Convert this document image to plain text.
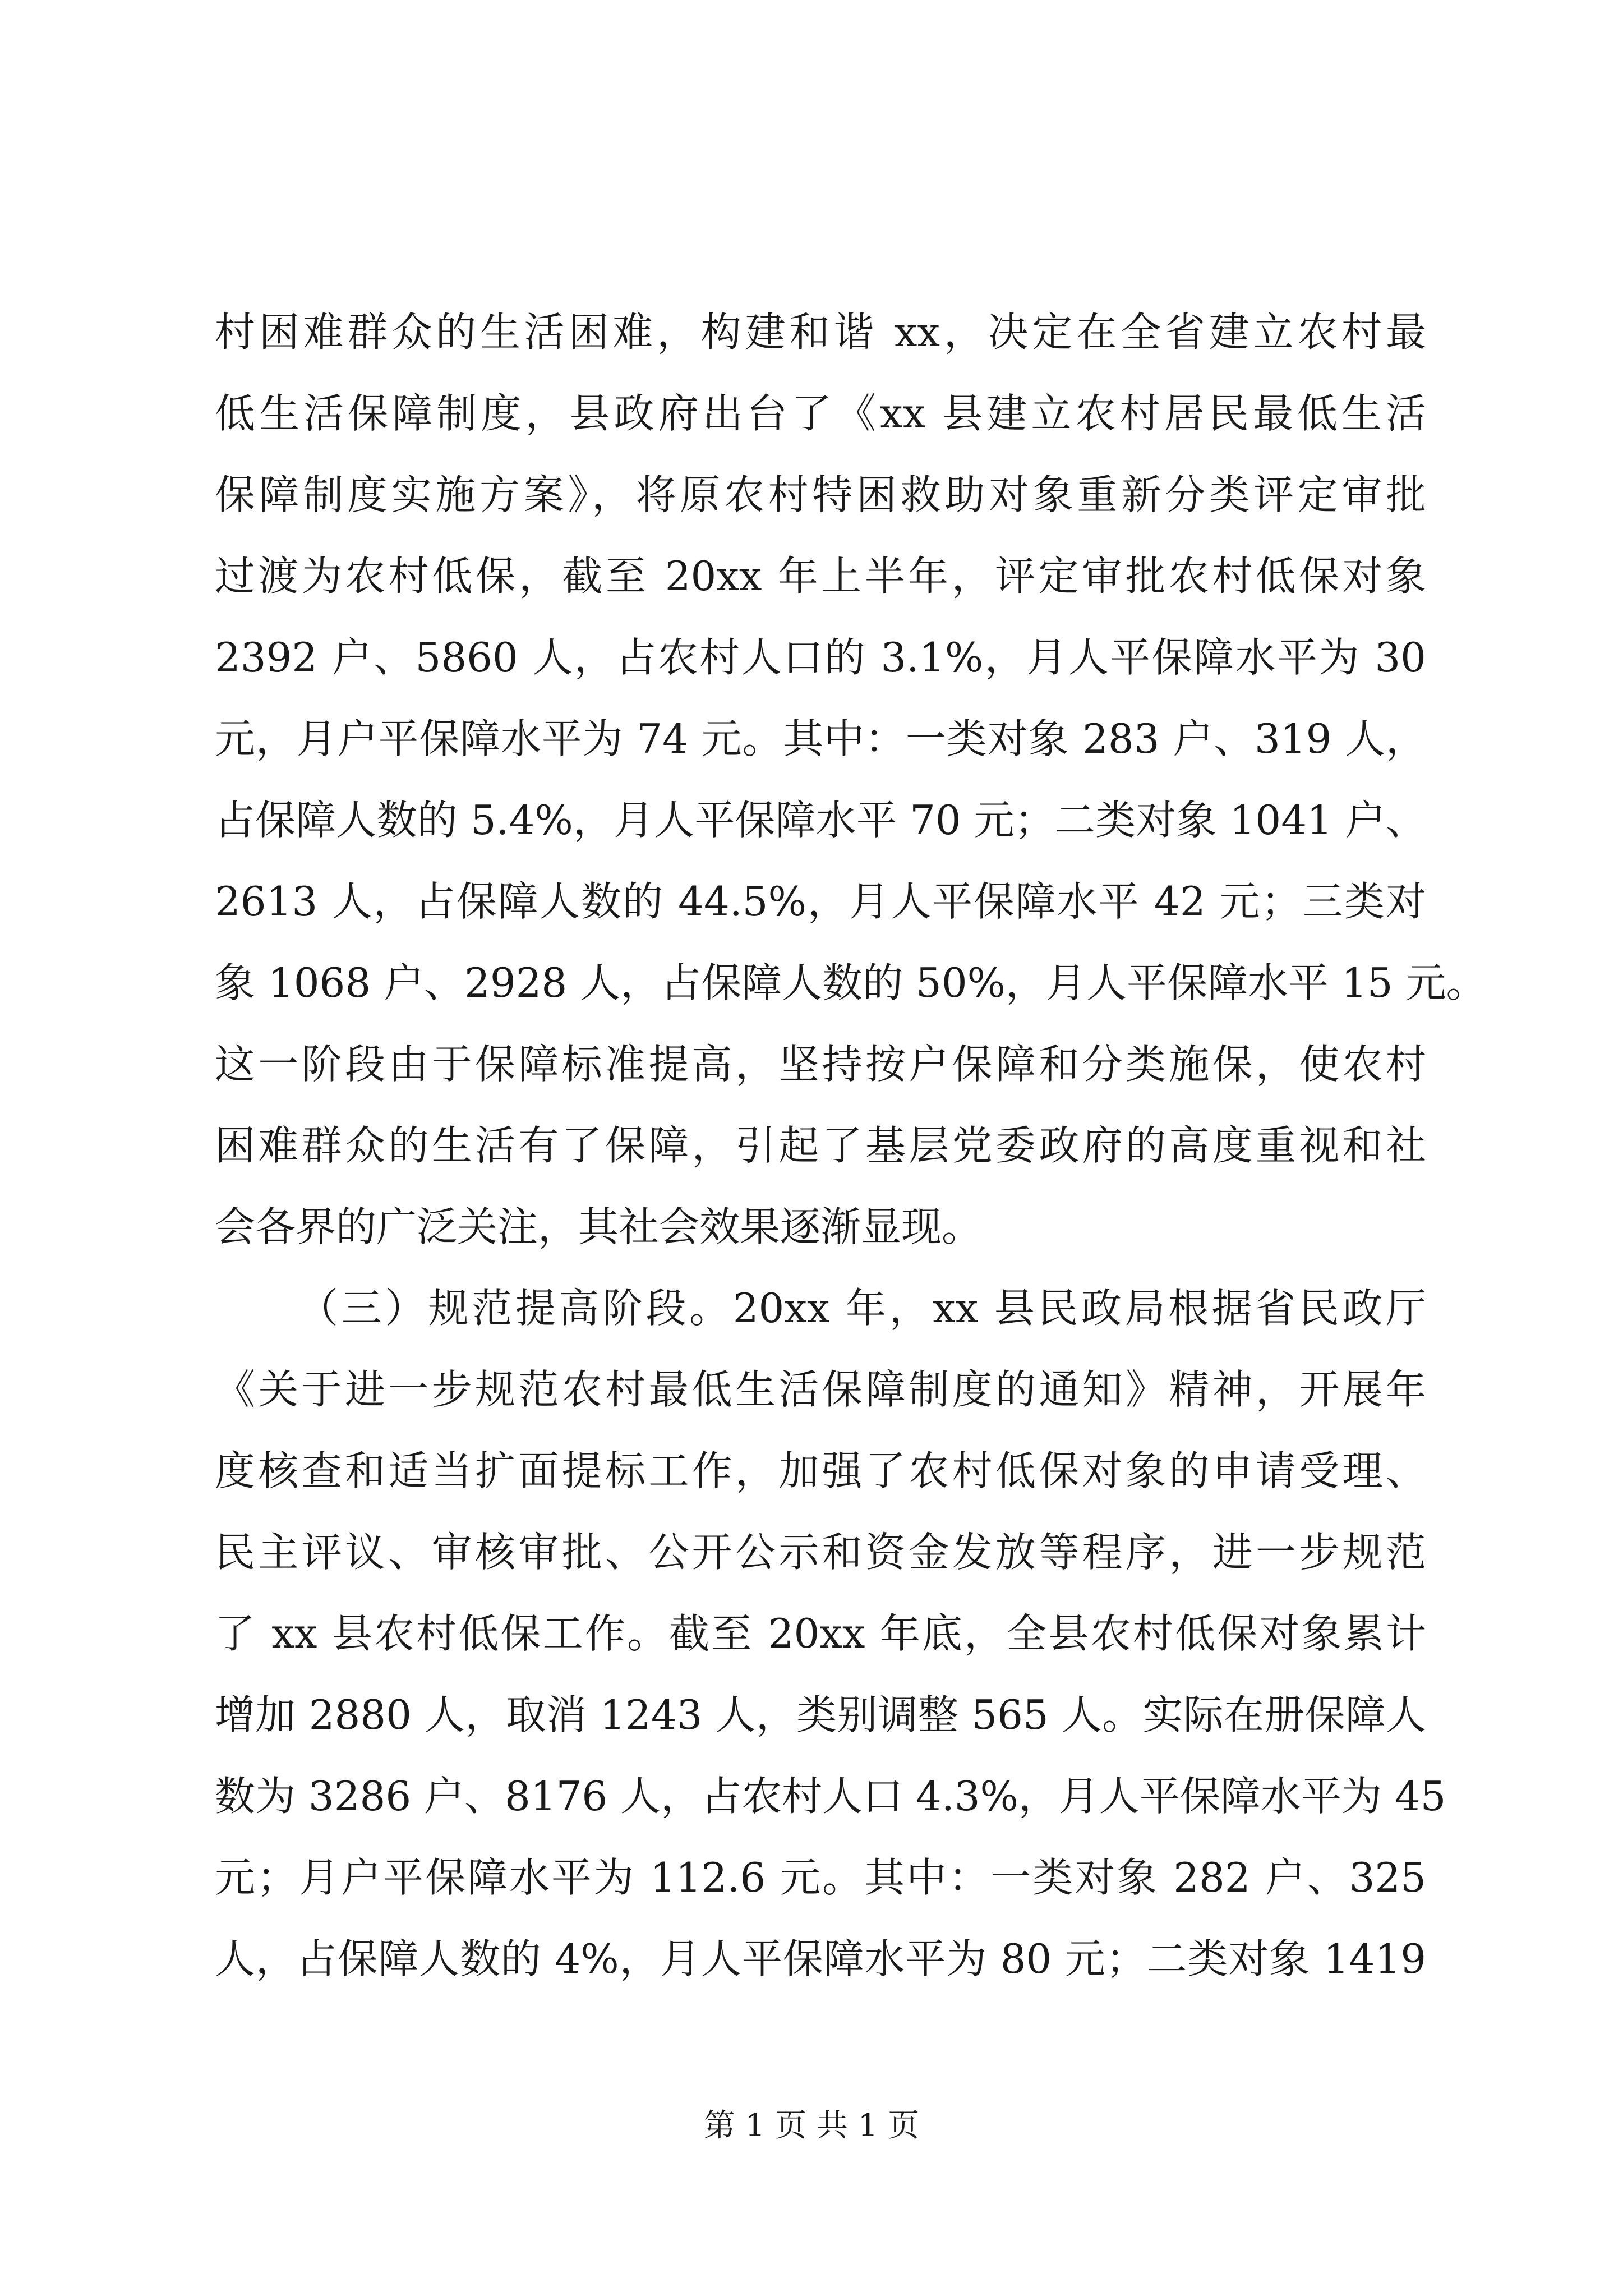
村困难群众的生活困难，构建和谐 xx，决定在全省建立农村最
低生活保障制度，县政府出台了《xx 县建立农村居民最低生活
保障制度实施方案》，将原农村特困救助对象重新分类评定审批
过渡为农村低保，截至 20xx 年上半年，评定审批农村低保对象
2392 户、5860 人，占农村人口的 3.1%，月人平保障水平为 30
元，月户平保障水平为 74 元。其中：一类对象 283 户、319 人，
占保障人数的 5.4%，月人平保障水平 70 元；二类对象 1041 户、
2613 人，占保障人数的 44.5%，月人平保障水平 42 元；三类对
象 1068 户、2928 人，占保障人数的 50%，月人平保障水平 15 元。
这一阶段由于保障标准提高，坚持按户保障和分类施保，使农村
困难群众的生活有了保障，引起了基层党委政府的高度重视和社
会各界的广泛关注，其社会效果逐渐显现。
（三）规范提高阶段。20xx 年，xx 县民政局根据省民政厅
《关于进一步规范农村最低生活保障制度的通知》精神，开展年
度核查和适当扩面提标工作，加强了农村低保对象的申请受理、
民主评议、审核审批、公开公示和资金发放等程序，进一步规范
了 xx 县农村低保工作。截至 20xx 年底，全县农村低保对象累计
增加 2880 人，取消 1243 人，类别调整 565 人。实际在册保障人
数为 3286 户、8176 人，占农村人口 4.3%，月人平保障水平为 45
元；月户平保障水平为 112.6 元。其中：一类对象 282 户、325
人，占保障人数的 4%，月人平保障水平为 80 元；二类对象 1419
第 1 页 共 1 页
